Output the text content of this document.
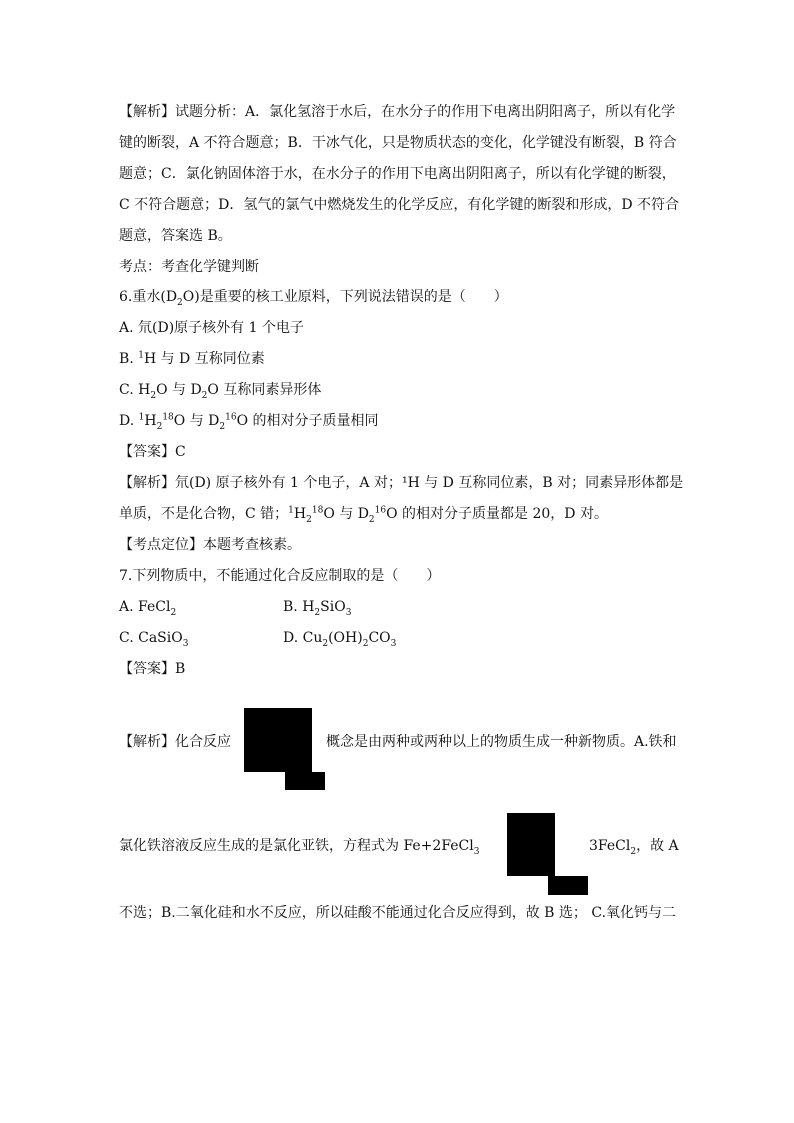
【解析】试题分析：A．氯化氢溶于水后，在水分子的作用下电离出阴阳离子，所以有化学
键的断裂，A 不符合题意；B．干冰气化，只是物质状态的变化，化学键没有断裂，B 符合
题意；C．氯化钠固体溶于水，在水分子的作用下电离出阴阳离子，所以有化学键的断裂，
C 不符合题意；D．氢气的氯气中燃烧发生的化学反应，有化学键的断裂和形成，D 不符合
题意，答案选 B。
考点：考查化学键判断
6.重水$(D_2O)$是重要的核工业原料，下列说法错误的是（　　）
A. 氘(D)原子核外有 1 个电子
B. $^1$H 与 D 互称同位素
C. $H_2O$ 与 $D_2O$ 互称同素异形体
D. $^1H_2^{18}O$ 与 $D_2^{16}O$ 的相对分子质量相同
【答案】C
【解析】氘(D) 原子核外有 1 个电子，A 对；¹H 与 D 互称同位素，B 对；同素异形体都是
单质，不是化合物，C 错；$^1H_2^{18}O$ 与 $D_2^{16}O$ 的相对分子质量都是 20，D 对。
【考点定位】本题考查核素。
7.下列物质中，不能通过化合反应制取的是（　　）
A. FeCl$_2$	B. $H_2SiO_3$
C. CaSiO$_3$	D. $Cu_2(OH)_2CO_3$
【答案】B
【解析】化合反应	概念是由两种或两种以上的物质生成一种新物质。A.铁和
氯化铁溶液反应生成的是氯化亚铁，方程式为 Fe+2FeCl$_3$	3FeCl$_2$，故 A
不选；B.二氧化硅和水不反应，所以硅酸不能通过化合反应得到，故 B 选； C.氧化钙与二
